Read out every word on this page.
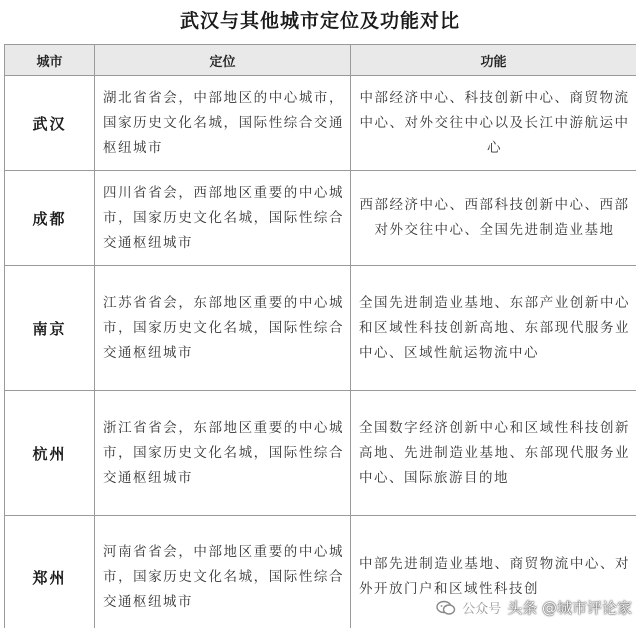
武汉与其他城市定位及功能对比
城市	定位	功能
武汉	湖北省省会，中部地区的中心城市，国家历史文化名城，国际性综合交通枢纽城市	中部经济中心、科技创新中心、商贸物流中心、对外交往中心以及长江中游航运中心
成都	四川省省会，西部地区重要的中心城市，国家历史文化名城，国际性综合交通枢纽城市	西部经济中心、西部科技创新中心、西部对外交往中心、全国先进制造业基地
南京	江苏省省会，东部地区重要的中心城市，国家历史文化名城，国际性综合交通枢纽城市	全国先进制造业基地、东部产业创新中心和区域性科技创新高地、东部现代服务业中心、区域性航运物流中心
杭州	浙江省省会，东部地区重要的中心城市，国家历史文化名城，国际性综合交通枢纽城市	全国数字经济创新中心和区域性科技创新高地、先进制造业基地、东部现代服务业中心、国际旅游目的地
郑州	河南省省会，中部地区重要的中心城市，国家历史文化名城，国际性综合交通枢纽城市	中部先进制造业基地、商贸物流中心、对外开放门户和区域性科技创
公众号 头条 @城市评论家
